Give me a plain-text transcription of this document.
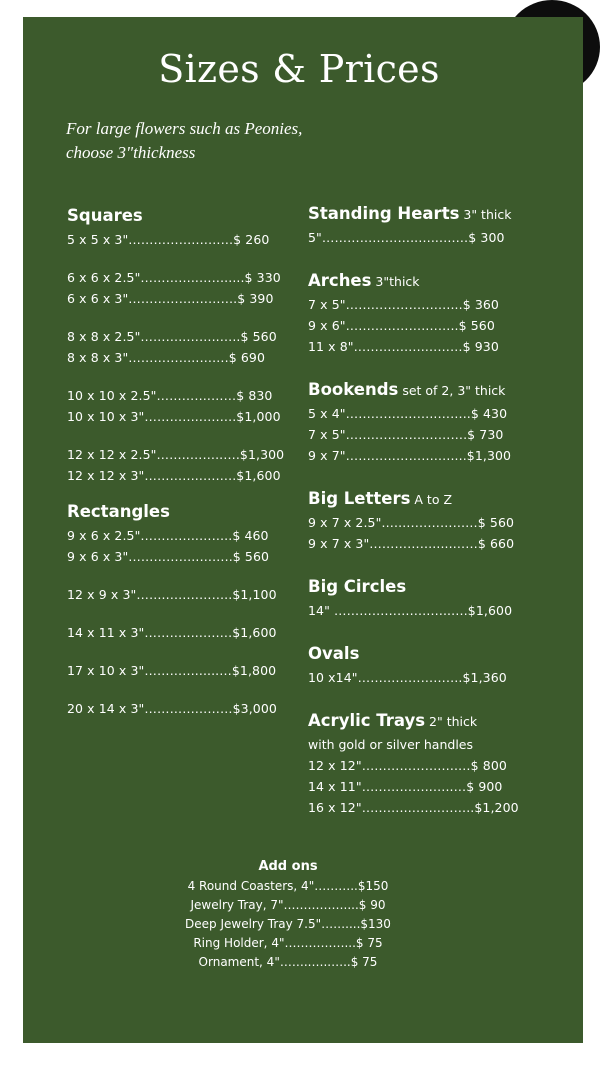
Sizes & Prices
For large flowers such as Peonies,
choose 3"thickness
Squares
5 x 5 x 3"……………….……$ 260
6 x 6 x 2.5"…………..…….....$ 330
6 x 6 x 3"……………….…….$ 390
8 x 8 x 2.5"………..……..…..$ 560
8 x 8 x 3"……………..…….$ 690
10 x 10 x 2.5"………….……$ 830
10 x 10 x 3"…………..……..$1,000
12 x 12 x 2.5"……..……..….$1,300
12 x 12 x 3"…………..……..$1,600
Rectangles
9 x 6 x 2.5"…………..……..$ 460
9 x 6 x 3"……………..……..$ 560
12 x 9 x 3"……..…….……..$1,100
14 x 11 x 3"…………..…….$1,600
17 x 10 x 3"…………......…$1,800
20 x 14 x 3"…………………$3,000
Standing Hearts 3" thick
5"…………………..…...……$ 300
Arches 3"thick
7 x 5"……………………....$ 360
9 x 6"……………….……..$ 560
11 x 8"……………..………$ 930
Bookends set of 2, 3" thick
5 x 4"…………..……..……..$ 430
7 x 5"……………….……….$ 730
9 x 7"…………………….....$1,300
Big Letters A to Z
9 x 7 x 2.5"…..………………$ 560
9 x 7 x 3"…………….....……$ 660
Big Circles
14" ……………….……....…$1,600
Ovals
10 x14"…………………….$1,360
Acrylic Trays 2" thick
with gold or silver handles
12 x 12"…………………..…$ 800
14 x 11"……………..…..…$ 900
16 x 12"………..……..……..$1,200
Add ons
4 Round Coasters, 4"………..$150
Jewelry Tray, 7"……………....$ 90
Deep Jewelry Tray 7.5"……....$130
Ring Holder, 4"……………...$ 75
Ornament, 4"……..…..…..$ 75
